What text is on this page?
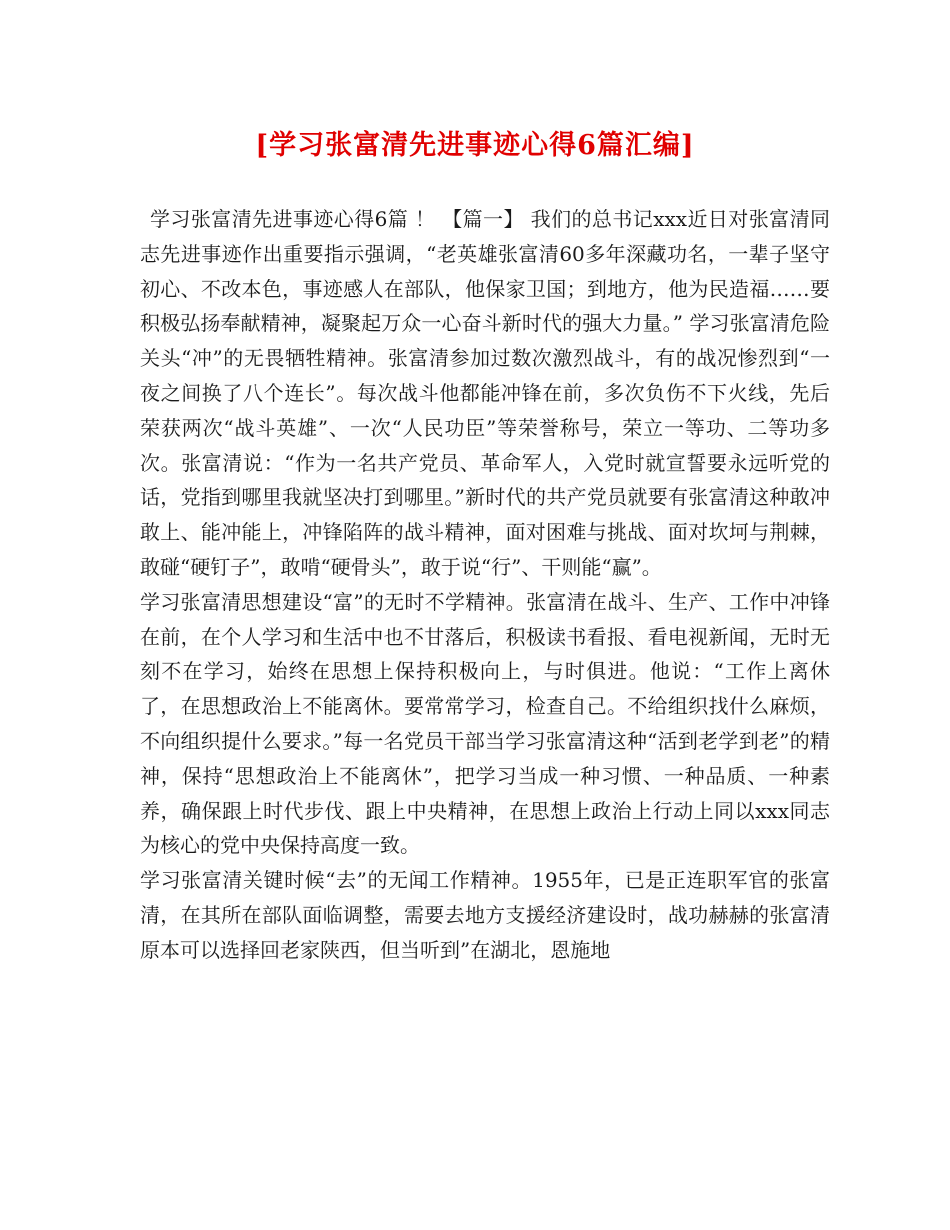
[学习张富清先进事迹心得6篇汇编]

学习张富清先进事迹心得6篇 ！ 【篇一】 我们的总书记xxx近日对张富清同志先进事迹作出重要指示强调，“老英雄张富清60多年深藏功名，一辈子坚守初心、不改本色，事迹感人在部队，他保家卫国；到地方，他为民造福……要积极弘扬奉献精神，凝聚起万众一心奋斗新时代的强大力量。” 学习张富清危险关头“冲”的无畏牺牲精神。张富清参加过数次激烈战斗，有的战况惨烈到“一夜之间换了八个连长”。每次战斗他都能冲锋在前，多次负伤不下火线，先后荣获两次“战斗英雄”、一次“人民功臣”等荣誉称号，荣立一等功、二等功多次。张富清说：“作为一名共产党员、革命军人，入党时就宣誓要永远听党的话，党指到哪里我就坚决打到哪里。”新时代的共产党员就要有张富清这种敢冲敢上、能冲能上，冲锋陷阵的战斗精神，面对困难与挑战、面对坎坷与荆棘，敢碰“硬钉子”，敢啃“硬骨头”，敢于说“行”、干则能“赢”。

学习张富清思想建设“富”的无时不学精神。张富清在战斗、生产、工作中冲锋在前，在个人学习和生活中也不甘落后，积极读书看报、看电视新闻，无时无刻不在学习，始终在思想上保持积极向上，与时俱进。他说：“工作上离休了，在思想政治上不能离休。要常常学习，检查自己。不给组织找什么麻烦，不向组织提什么要求。”每一名党员干部当学习张富清这种“活到老学到老”的精神，保持“思想政治上不能离休”，把学习当成一种习惯、一种品质、一种素养，确保跟上时代步伐、跟上中央精神，在思想上政治上行动上同以xxx同志为核心的党中央保持高度一致。

学习张富清关键时候“去”的无闻工作精神。1955年，已是正连职军官的张富清，在其所在部队面临调整，需要去地方支援经济建设时，战功赫赫的张富清原本可以选择回老家陕西，但当听到”在湖北，恩施地
